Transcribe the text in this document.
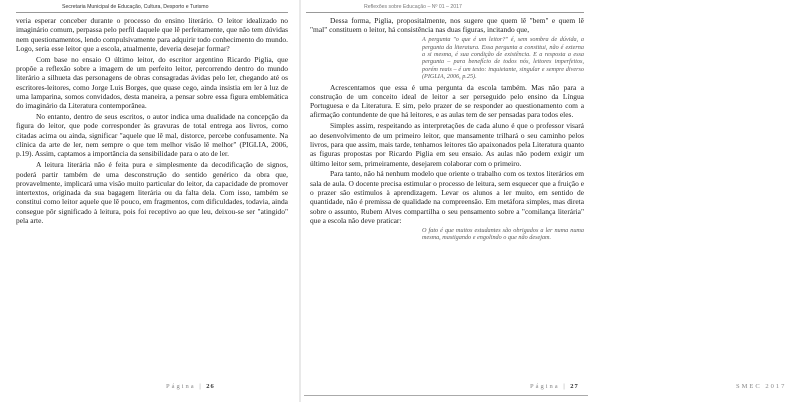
Secretaria Municipal de Educação, Cultura, Desporto e Turismo

veria esperar conceber durante o processo do ensino literário. O leitor idealizado no imaginário comum, perpassa pelo perfil daquele que lê perfeitamente, que não tem dúvidas nem questionamentos, lendo compulsivamente para adquirir todo conhecimento do mundo. Logo, seria esse leitor que a escola, atualmente, deveria desejar formar?

Com base no ensaio O último leitor, do escritor argentino Ricardo Piglia, que propõe a reflexão sobre a imagem de um perfeito leitor, percorrendo dentro do mundo literário a silhueta das personagens de obras consagradas ávidas pelo ler, chegando até os escritores-leitores, como Jorge Luis Borges, que quase cego, ainda insistia em ler à luz de uma lamparina, somos convidados, desta maneira, a pensar sobre essa figura emblemática do imaginário da Literatura contemporânea.

No entanto, dentro de seus escritos, o autor indica uma dualidade na concepção da figura do leitor, que pode corresponder às gravuras de total entrega aos livros, como citadas acima ou ainda, significar "aquele que lê mal, distorce, percebe confusamente. Na clínica da arte de ler, nem sempre o que tem melhor visão lê melhor" (PIGLIA, 2006, p.19). Assim, captamos a importância da sensibilidade para o ato de ler.

A leitura literária não é feita pura e simplesmente da decodificação de signos, poderá partir também de uma desconstrução do sentido genérico da obra que, provavelmente, implicará uma visão muito particular do leitor, da capacidade de promover intertextos, originada da sua bagagem literária ou da falta dela. Com isso, também se constitui como leitor aquele que lê pouco, em fragmentos, com dificuldades, todavia, ainda consegue pôr significado à leitura, pois foi receptivo ao que leu, deixou-se ser "atingido" pela arte.

Página | 26
Reflexões sobre Educação – Nº 01 – 2017

Dessa forma, Piglia, propositalmente, nos sugere que quem lê "bem" e quem lê "mal" constituem o leitor, há consistência nas duas figuras, incitando que,

A pergunta "o que é um leitor?" é, sem sombra de dúvida, a pergunta da literatura. Essa pergunta a constitui, não é externa a si mesma, é sua condição de existência. E a resposta a essa pergunta – para benefício de todos nós, leitores imperfeitos, porém reais – é um texto: inquietante, singular e sempre diverso (PIGLIA, 2006, p.25).

Acrescentamos que essa é uma pergunta da escola também. Mas não para a construção de um conceito ideal de leitor a ser perseguido pelo ensino da Língua Portuguesa e da Literatura. E sim, pelo prazer de se responder ao questionamento com a afirmação contundente de que há leitores, e as aulas tem de ser pensadas para todos eles.

Simples assim, respeitando as interpretações de cada aluno é que o professor visará ao desenvolvimento de um primeiro leitor, que mansamente trilhará o seu caminho pelos livros, para que assim, mais tarde, tenhamos leitores tão apaixonados pela Literatura quanto as figuras propostas por Ricardo Piglia em seu ensaio. As aulas não podem exigir um último leitor sem, primeiramente, desejarem colaborar com o primeiro.

Para tanto, não há nenhum modelo que oriente o trabalho com os textos literários em sala de aula. O docente precisa estimular o processo de leitura, sem esquecer que a fruição e o prazer são estímulos à aprendizagem. Levar os alunos a ler muito, em sentido de quantidade, não é premissa de qualidade na compreensão. Em metáfora simples, mas direta sobre o assunto, Rubem Alves compartilha o seu pensamento sobre a "comilança literária" que a escola não deve praticar:

O fato é que muitos estudantes são obrigados a ler numa numa mesma, mastigando e engolindo o que não desejam.

Página | 27	SMEC 2017
